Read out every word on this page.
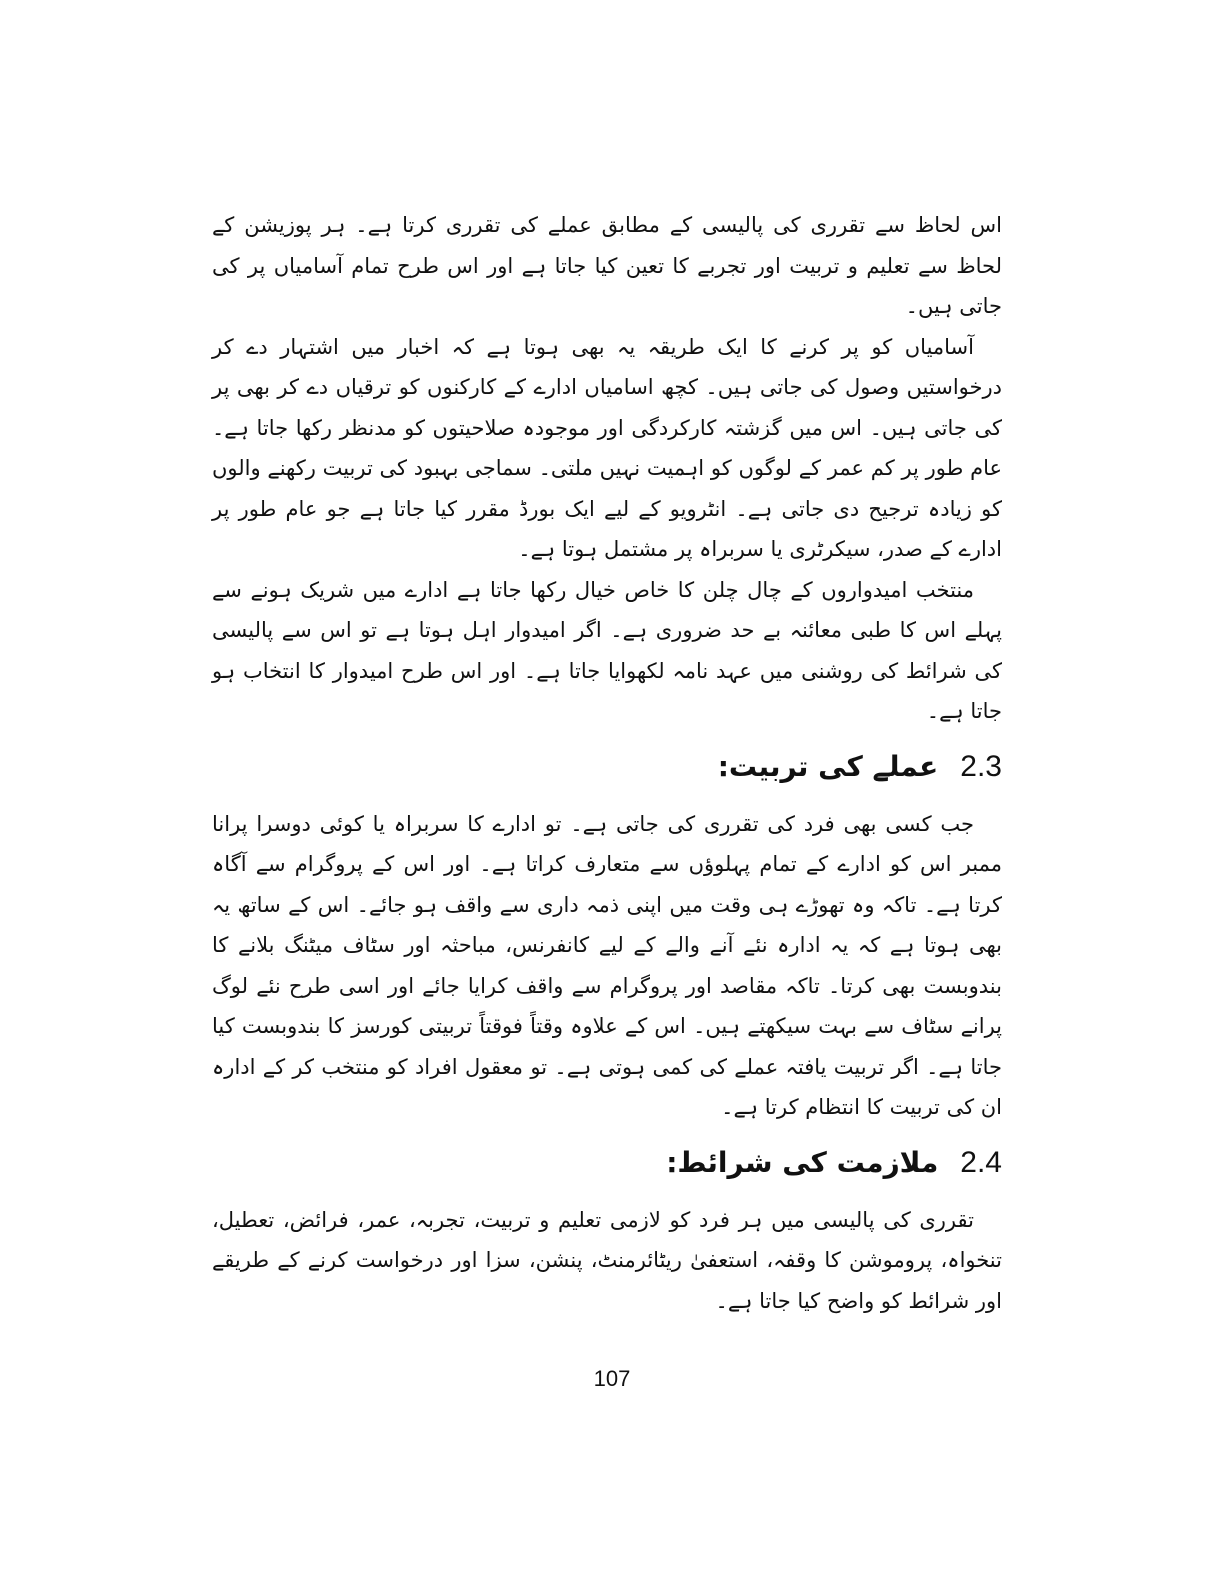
اس لحاظ سے تقرری کی پالیسی کے مطابق عملے کی تقرری کرتا ہے۔ ہر پوزیشن کے لحاظ سے تعلیم و تربیت اور تجربے کا تعین کیا جاتا ہے اور اس طرح تمام آسامیاں پر کی جاتی ہیں۔

آسامیاں کو پر کرنے کا ایک طریقہ یہ بھی ہوتا ہے کہ اخبار میں اشتہار دے کر درخواستیں وصول کی جاتی ہیں۔ کچھ اسامیاں ادارے کے کارکنوں کو ترقیاں دے کر بھی پر کی جاتی ہیں۔ اس میں گزشتہ کارکردگی اور موجودہ صلاحیتوں کو مدنظر رکھا جاتا ہے۔ عام طور پر کم عمر کے لوگوں کو اہمیت نہیں ملتی۔ سماجی بہبود کی تربیت رکھنے والوں کو زیادہ ترجیح دی جاتی ہے۔ انٹرویو کے لیے ایک بورڈ مقرر کیا جاتا ہے جو عام طور پر ادارے کے صدر، سیکرٹری یا سربراہ پر مشتمل ہوتا ہے۔

منتخب امیدواروں کے چال چلن کا خاص خیال رکھا جاتا ہے ادارے میں شریک ہونے سے پہلے اس کا طبی معائنہ بے حد ضروری ہے۔ اگر امیدوار اہل ہوتا ہے تو اس سے پالیسی کی شرائط کی روشنی میں عہد نامہ لکھوایا جاتا ہے۔ اور اس طرح امیدوار کا انتخاب ہو جاتا ہے۔

2.3
عملے کی تربیت:

جب کسی بھی فرد کی تقرری کی جاتی ہے۔ تو ادارے کا سربراہ یا کوئی دوسرا پرانا ممبر اس کو ادارے کے تمام پہلوؤں سے متعارف کراتا ہے۔ اور اس کے پروگرام سے آگاہ کرتا ہے۔ تاکہ وہ تھوڑے ہی وقت میں اپنی ذمہ داری سے واقف ہو جائے۔ اس کے ساتھ یہ بھی ہوتا ہے کہ یہ ادارہ نئے آنے والے کے لیے کانفرنس، مباحثہ اور سٹاف میٹنگ بلانے کا بندوبست بھی کرتا۔ تاکہ مقاصد اور پروگرام سے واقف کرایا جائے اور اسی طرح نئے لوگ پرانے سٹاف سے بہت سیکھتے ہیں۔ اس کے علاوہ وقتاً فوقتاً تربیتی کورسز کا بندوبست کیا جاتا ہے۔ اگر تربیت یافتہ عملے کی کمی ہوتی ہے۔ تو معقول افراد کو منتخب کر کے ادارہ ان کی تربیت کا انتظام کرتا ہے۔

2.4
ملازمت کی شرائط:

تقرری کی پالیسی میں ہر فرد کو لازمی تعلیم و تربیت، تجربہ، عمر، فرائض، تعطیل، تنخواہ، پروموشن کا وقفہ، استعفیٰ ریٹائرمنٹ، پنشن، سزا اور درخواست کرنے کے طریقے اور شرائط کو واضح کیا جاتا ہے۔

107
